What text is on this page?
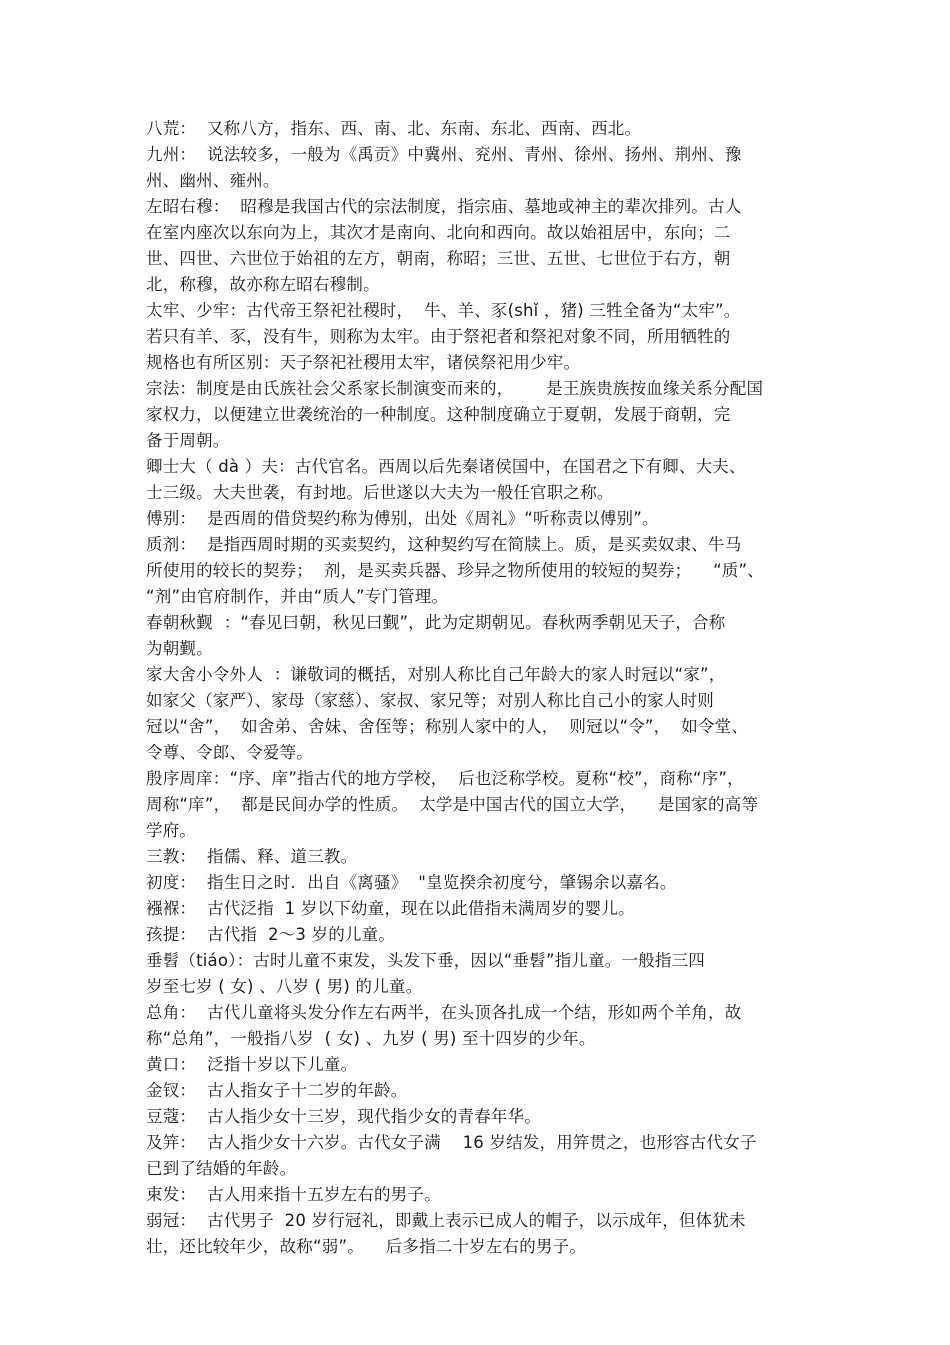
八荒：  又称八方，指东、西、南、北、东南、东北、西南、西北。
九州：  说法较多，一般为《禹贡》中冀州、兖州、青州、徐州、扬州、荆州、豫
州、幽州、雍州。
左昭右穆：  昭穆是我国古代的宗法制度，指宗庙、墓地或神主的辈次排列。古人
在室内座次以东向为上，其次才是南向、北向和西向。故以始祖居中，东向；二
世、四世、六世位于始祖的左方，朝南，称昭；三世、五世、七世位于右方，朝
北，称穆，故亦称左昭右穆制。
太牢、少牢：古代帝王祭祀社稷时，  牛、羊、豕(shǐ ，猪) 三牲全备为“太牢”。
若只有羊、豕，没有牛，则称为太牢。由于祭祀者和祭祀对象不同，所用牺牲的
规格也有所区别：天子祭祀社稷用太牢，诸侯祭祀用少牢。
宗法：制度是由氏族社会父系家长制演变而来的，      是王族贵族按血缘关系分配国
家权力，以便建立世袭统治的一种制度。这种制度确立于夏朝，发展于商朝，完
备于周朝。
卿士大（ dà ）夫：古代官名。西周以后先秦诸侯国中，在国君之下有卿、大夫、
士三级。大夫世袭，有封地。后世遂以大夫为一般任官职之称。
傅别：  是西周的借贷契约称为傅别，出处《周礼》“听称责以傅别”。
质剂：  是指西周时期的买卖契约，这种契约写在简牍上。质，是买卖奴隶、牛马
所使用的较长的契券；  剂，是买卖兵器、珍异之物所使用的较短的契券；    “质”、
“剂”由官府制作，并由“质人”专门管理。
春朝秋觐  ：“春见曰朝，秋见曰觐”，此为定期朝见。春秋两季朝见天子，合称
为朝觐。
家大舍小令外人  ：谦敬词的概括，对别人称比自己年龄大的家人时冠以“家”，
如家父（家严）、家母（家慈）、家叔、家兄等；对别人称比自己小的家人时则
冠以“舍”，  如舍弟、舍妹、舍侄等；称别人家中的人，  则冠以“令”，  如令堂、
令尊、令郎、令爱等。
殷序周庠：“序、庠”指古代的地方学校，  后也泛称学校。夏称“校”，商称“序”，
周称“庠”，  都是民间办学的性质。  太学是中国古代的国立大学，    是国家的高等
学府。
三教：  指儒、释、道三教。
初度：  指生日之时．出自《离骚》  "皇览揆余初度兮，肇锡余以嘉名。
襁褓：  古代泛指  1 岁以下幼童，现在以此借指未满周岁的婴儿。
孩提：  古代指  2～3 岁的儿童。
垂髫（tiáo）：古时儿童不束发，头发下垂，因以“垂髫”指儿童。一般指三四
岁至七岁 ( 女) 、八岁 ( 男) 的儿童。
总角：  古代儿童将头发分作左右两半，在头顶各扎成一个结，形如两个羊角，故
称“总角”，一般指八岁  ( 女) 、九岁 ( 男) 至十四岁的少年。
黄口：  泛指十岁以下儿童。
金钗：  古人指女子十二岁的年龄。
豆蔻：  古人指少女十三岁，现代指少女的青春年华。
及笄：  古人指少女十六岁。古代女子满    16 岁结发，用笄贯之，也形容古代女子
已到了结婚的年龄。
束发：  古人用来指十五岁左右的男子。
弱冠：  古代男子  20 岁行冠礼，即戴上表示已成人的帽子，以示成年，但体犹未
壮，还比较年少，故称“弱”。    后多指二十岁左右的男子。
